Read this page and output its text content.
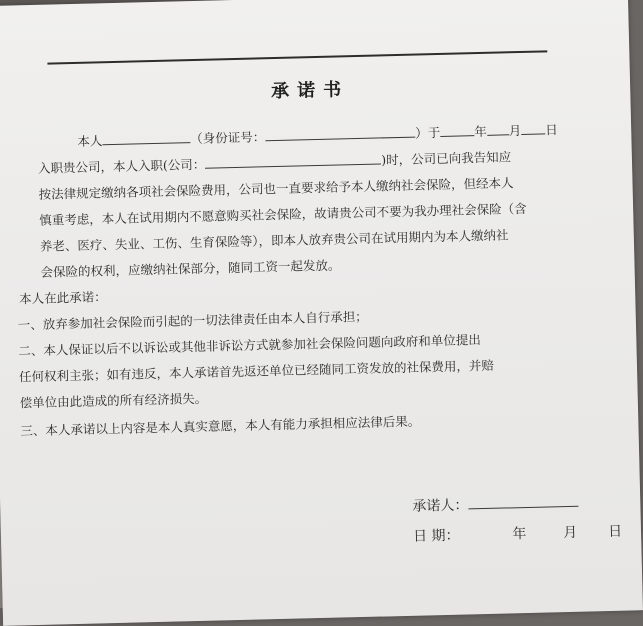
承诺书
本人	（身份证号：	）于	年 月 日
入职贵公司，本人入职(公司：	)时，公司已向我告知应
按法律规定缴纳各项社会保险费用，公司也一直要求给予本人缴纳社会保险，但经本人
慎重考虑，本人在试用期内不愿意购买社会保险，故请贵公司不要为我办理社会保险（含
养老、医疗、失业、工伤、生育保险等），即本人放弃贵公司在试用期内为本人缴纳社
会保险的权利，应缴纳社保部分，随同工资一起发放。
本人在此承诺：
一、放弃参加社会保险而引起的一切法律责任由本人自行承担；
二、本人保证以后不以诉讼或其他非诉讼方式就参加社会保险问题向政府和单位提出
任何权利主张；如有违反，本人承诺首先返还单位已经随同工资发放的社保费用，并赔
偿单位由此造成的所有经济损失。
三、本人承诺以上内容是本人真实意愿，本人有能力承担相应法律后果。
承诺人：
日 期：	年	月 日
